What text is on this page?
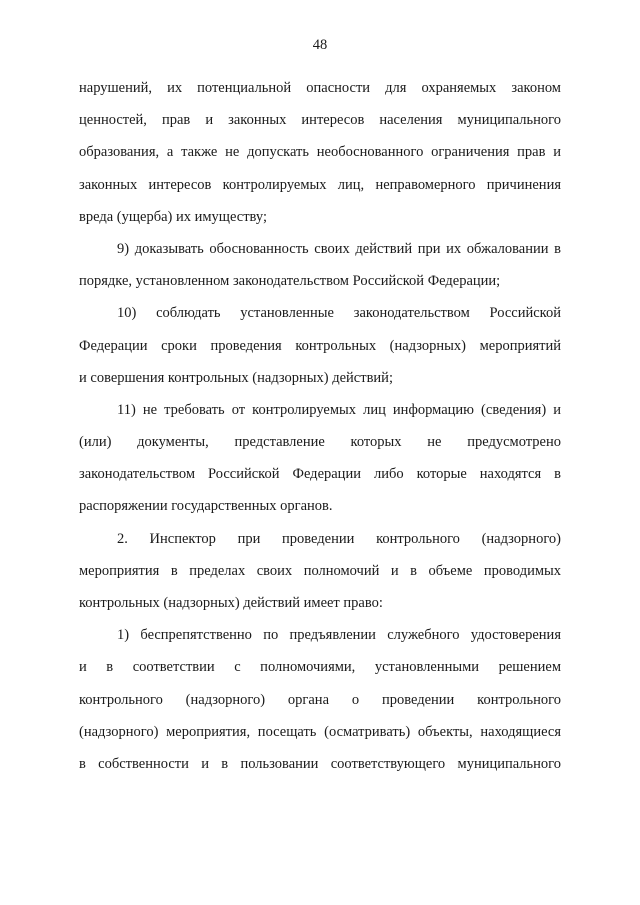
48
нарушений, их потенциальной опасности для охраняемых законом
ценностей, прав и законных интересов населения муниципального
образования, а также не допускать необоснованного ограничения прав и
законных интересов контролируемых лиц, неправомерного причинения
вреда (ущерба) их имуществу;
9) доказывать обоснованность своих действий при их обжаловании в
порядке, установленном законодательством Российской Федерации;
10) соблюдать установленные законодательством Российской
Федерации сроки проведения контрольных (надзорных) мероприятий
и совершения контрольных (надзорных) действий;
11) не требовать от контролируемых лиц информацию (сведения) и
(или) документы, представление которых не предусмотрено
законодательством Российской Федерации либо которые находятся в
распоряжении государственных органов.
2. Инспектор при проведении контрольного (надзорного)
мероприятия в пределах своих полномочий и в объеме проводимых
контрольных (надзорных) действий имеет право:
1) беспрепятственно по предъявлении служебного удостоверения
и в соответствии с полномочиями, установленными решением
контрольного (надзорного) органа о проведении контрольного
(надзорного) мероприятия, посещать (осматривать) объекты, находящиеся
в собственности и в пользовании соответствующего муниципального
